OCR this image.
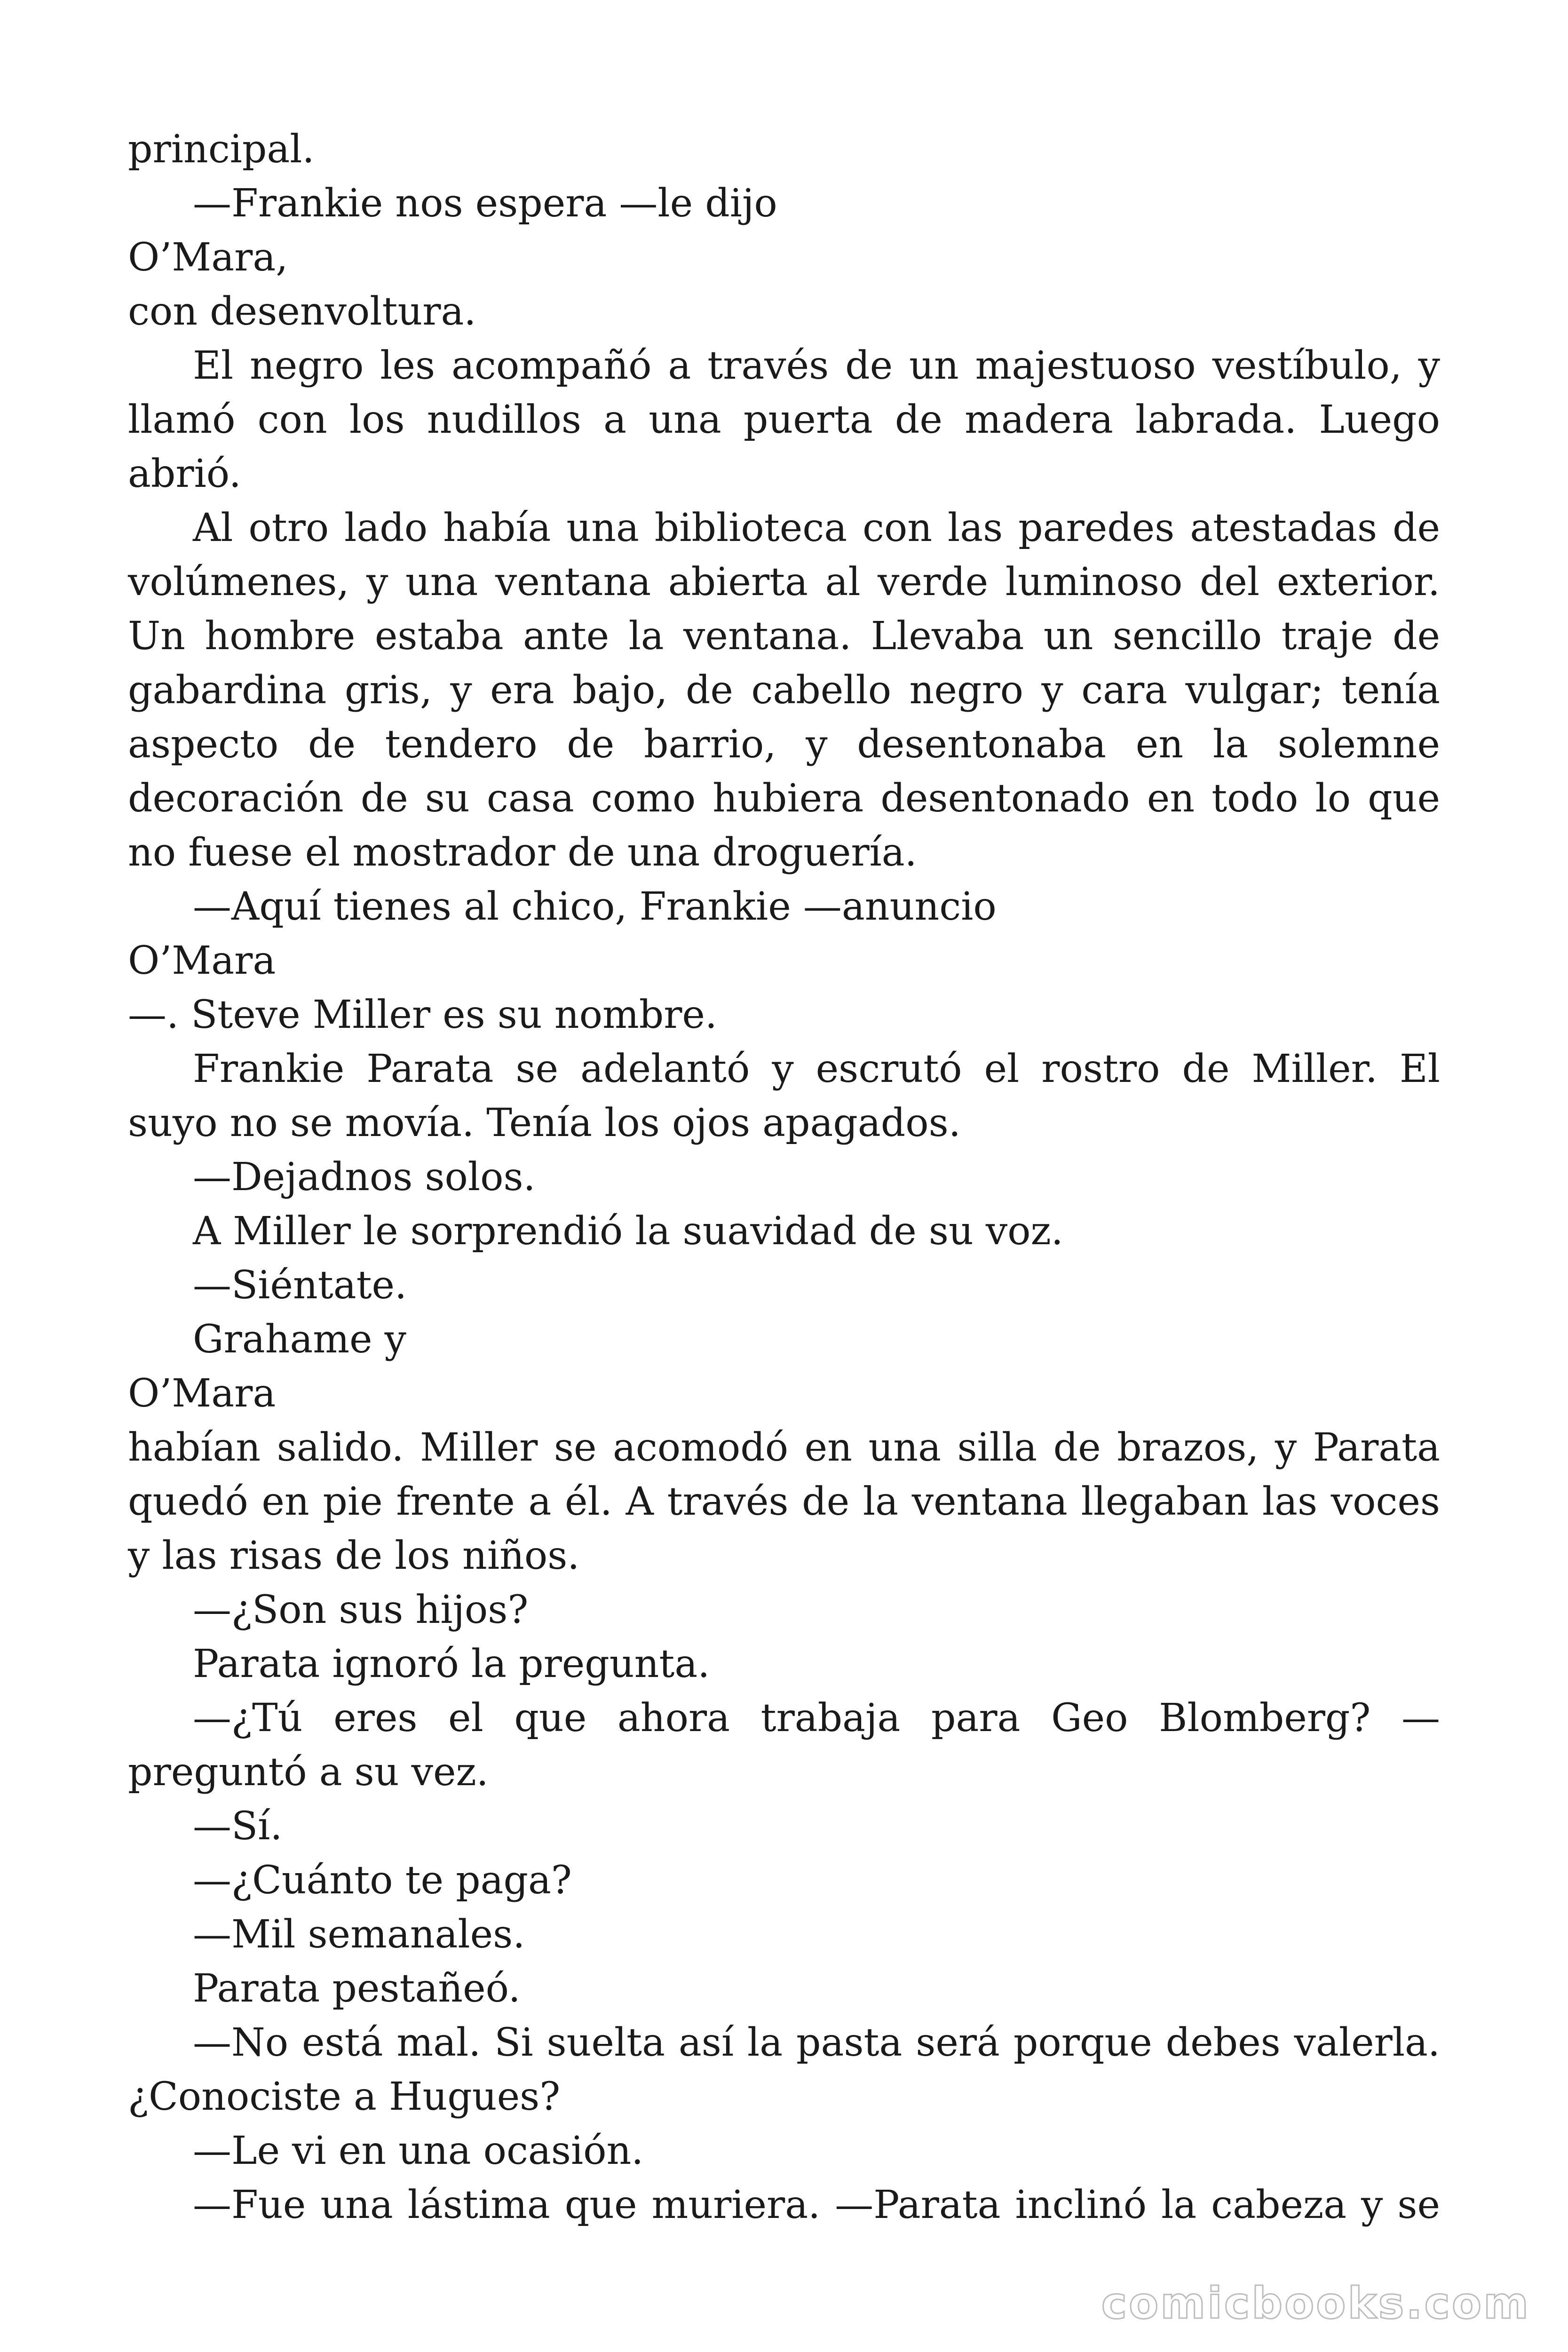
principal.

—Frankie nos espera —le dijo

O’Mara,

con desenvoltura.

El negro les acompañó a través de un majestuoso vestíbulo, y llamó con los nudillos a una puerta de madera labrada. Luego abrió.

Al otro lado había una biblioteca con las paredes atestadas de volúmenes, y una ventana abierta al verde luminoso del exterior. Un hombre estaba ante la ventana. Llevaba un sencillo traje de gabardina gris, y era bajo, de cabello negro y cara vulgar; tenía aspecto de tendero de barrio, y desentonaba en la solemne decoración de su casa como hubiera desentonado en todo lo que no fuese el mostrador de una droguería.

—Aquí tienes al chico, Frankie —anuncio

O’Mara

—. Steve Miller es su nombre.

Frankie Parata se adelantó y escrutó el rostro de Miller. El suyo no se movía. Tenía los ojos apagados.

—Dejadnos solos.

A Miller le sorprendió la suavidad de su voz.

—Siéntate.

Grahame y

O’Mara

habían salido. Miller se acomodó en una silla de brazos, y Parata quedó en pie frente a él. A través de la ventana llegaban las voces y las risas de los niños.

—¿Son sus hijos?

Parata ignoró la pregunta.

—¿Tú eres el que ahora trabaja para Geo Blomberg? —preguntó a su vez.

—Sí.

—¿Cuánto te paga?

—Mil semanales.

Parata pestañeó.

—No está mal. Si suelta así la pasta será porque debes valerla. ¿Conociste a Hugues?

—Le vi en una ocasión.

—Fue una lástima que muriera. —Parata inclinó la cabeza y se

comicbooks.com
